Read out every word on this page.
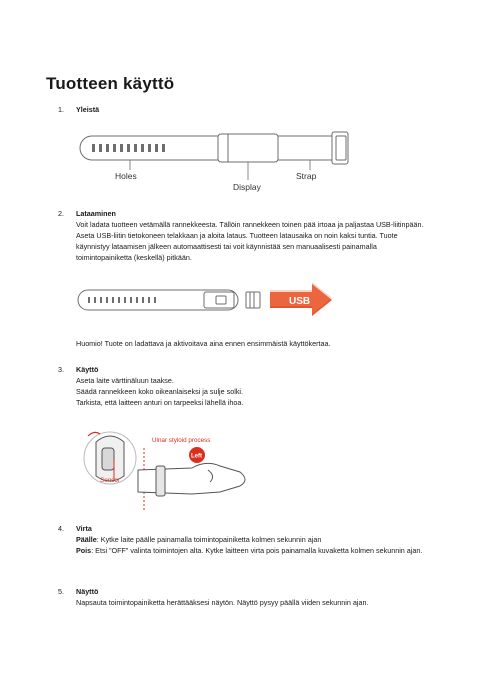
Tuotteen käyttö
1.	Yleistä
Holes
Display
Strap
2.	Lataaminen

Voit ladata tuotteen vetämällä rannekkeesta. Tällöin rannekkeen toinen pää irtoaa ja paljastaa USB-liitinpään. Aseta USB-liitin tietokoneen telakkaan ja aloita lataus. Tuotteen latausaika on noin kaksi tuntia. Tuote käynnistyy lataamisen jälkeen automaattisesti tai voit käynnistää sen manuaalisesti painamalla toimintopainiketta (keskellä) pitkään.

USB

Huomio! Tuote on ladattava ja aktivoitava aina ennen ensimmäistä käyttökertaa.

3.	Käyttö

Aseta laite värttinäluun taakse.

Säädä rannekkeen koko oikeanlaiseksi ja sulje solki.

Tarkista, että laitteen anturi on tarpeeksi lähellä ihoa.

Left
Ulnar styloid process
Sensor
4.	Virta

Päälle: Kytke laite päälle painamalla toimintopainiketta kolmen sekunnin ajan

Pois: Etsi ”OFF” valinta toimintojen alta. Kytke laitteen virta pois painamalla kuvaketta kolmen sekunnin ajan.

5.	Näyttö

Napsauta toimintopainiketta herättääksesi näytön. Näyttö pysyy päällä viiden sekunnin ajan.
